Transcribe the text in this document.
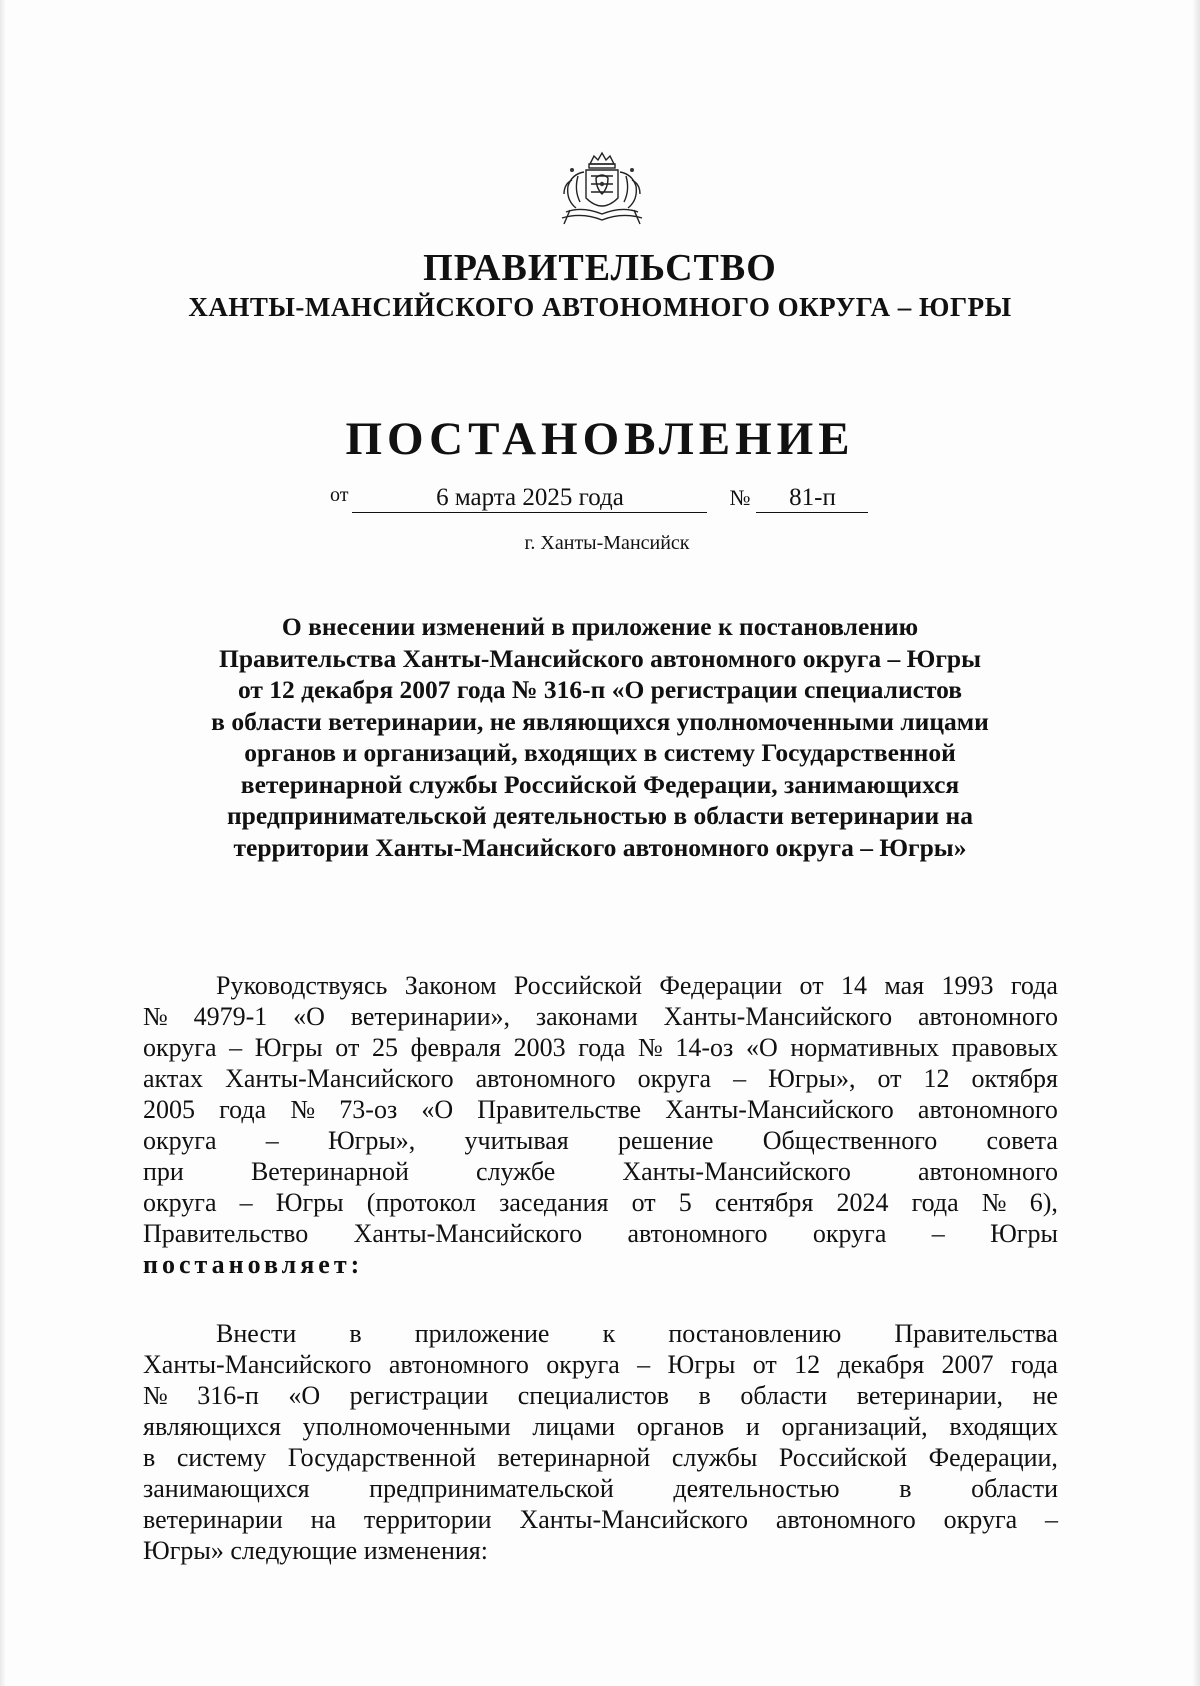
ПРАВИТЕЛЬСТВО
ХАНТЫ-МАНСИЙСКОГО АВТОНОМНОГО ОКРУГА – ЮГРЫ
ПОСТАНОВЛЕНИЕ
от	6 марта 2025 года	№ 81-п
г. Ханты-Мансийск
О внесении изменений в приложение к постановлению
Правительства Ханты-Мансийского автономного округа – Югры
от 12 декабря 2007 года № 316-п «О регистрации специалистов
в области ветеринарии, не являющихся уполномоченными лицами
органов и организаций, входящих в систему Государственной
ветеринарной службы Российской Федерации, занимающихся
предпринимательской деятельностью в области ветеринарии на
территории Ханты-Мансийского автономного округа – Югры»
Руководствуясь Законом Российской Федерации от 14 мая 1993 года
№ 4979-1 «О ветеринарии», законами Ханты-Мансийского автономного
округа – Югры от 25 февраля 2003 года № 14-оз «О нормативных правовых
актах Ханты-Мансийского автономного округа – Югры», от 12 октября
2005 года № 73-оз «О Правительстве Ханты-Мансийского автономного
округа – Югры», учитывая решение Общественного совета
при	Ветеринарной	службе	Ханты-Мансийского	автономного
округа – Югры (протокол заседания от 5 сентября 2024 года № 6),
Правительство Ханты-Мансийского автономного округа – Югры
постановляет:
Внести в приложение к постановлению Правительства
Ханты-Мансийского автономного округа – Югры от 12 декабря 2007 года
№ 316-п «О регистрации специалистов в области ветеринарии, не
являющихся уполномоченными лицами органов и организаций, входящих
в систему Государственной ветеринарной службы Российской Федерации,
занимающихся предпринимательской деятельностью в области
ветеринарии на территории Ханты-Мансийского автономного округа –
Югры» следующие изменения:
